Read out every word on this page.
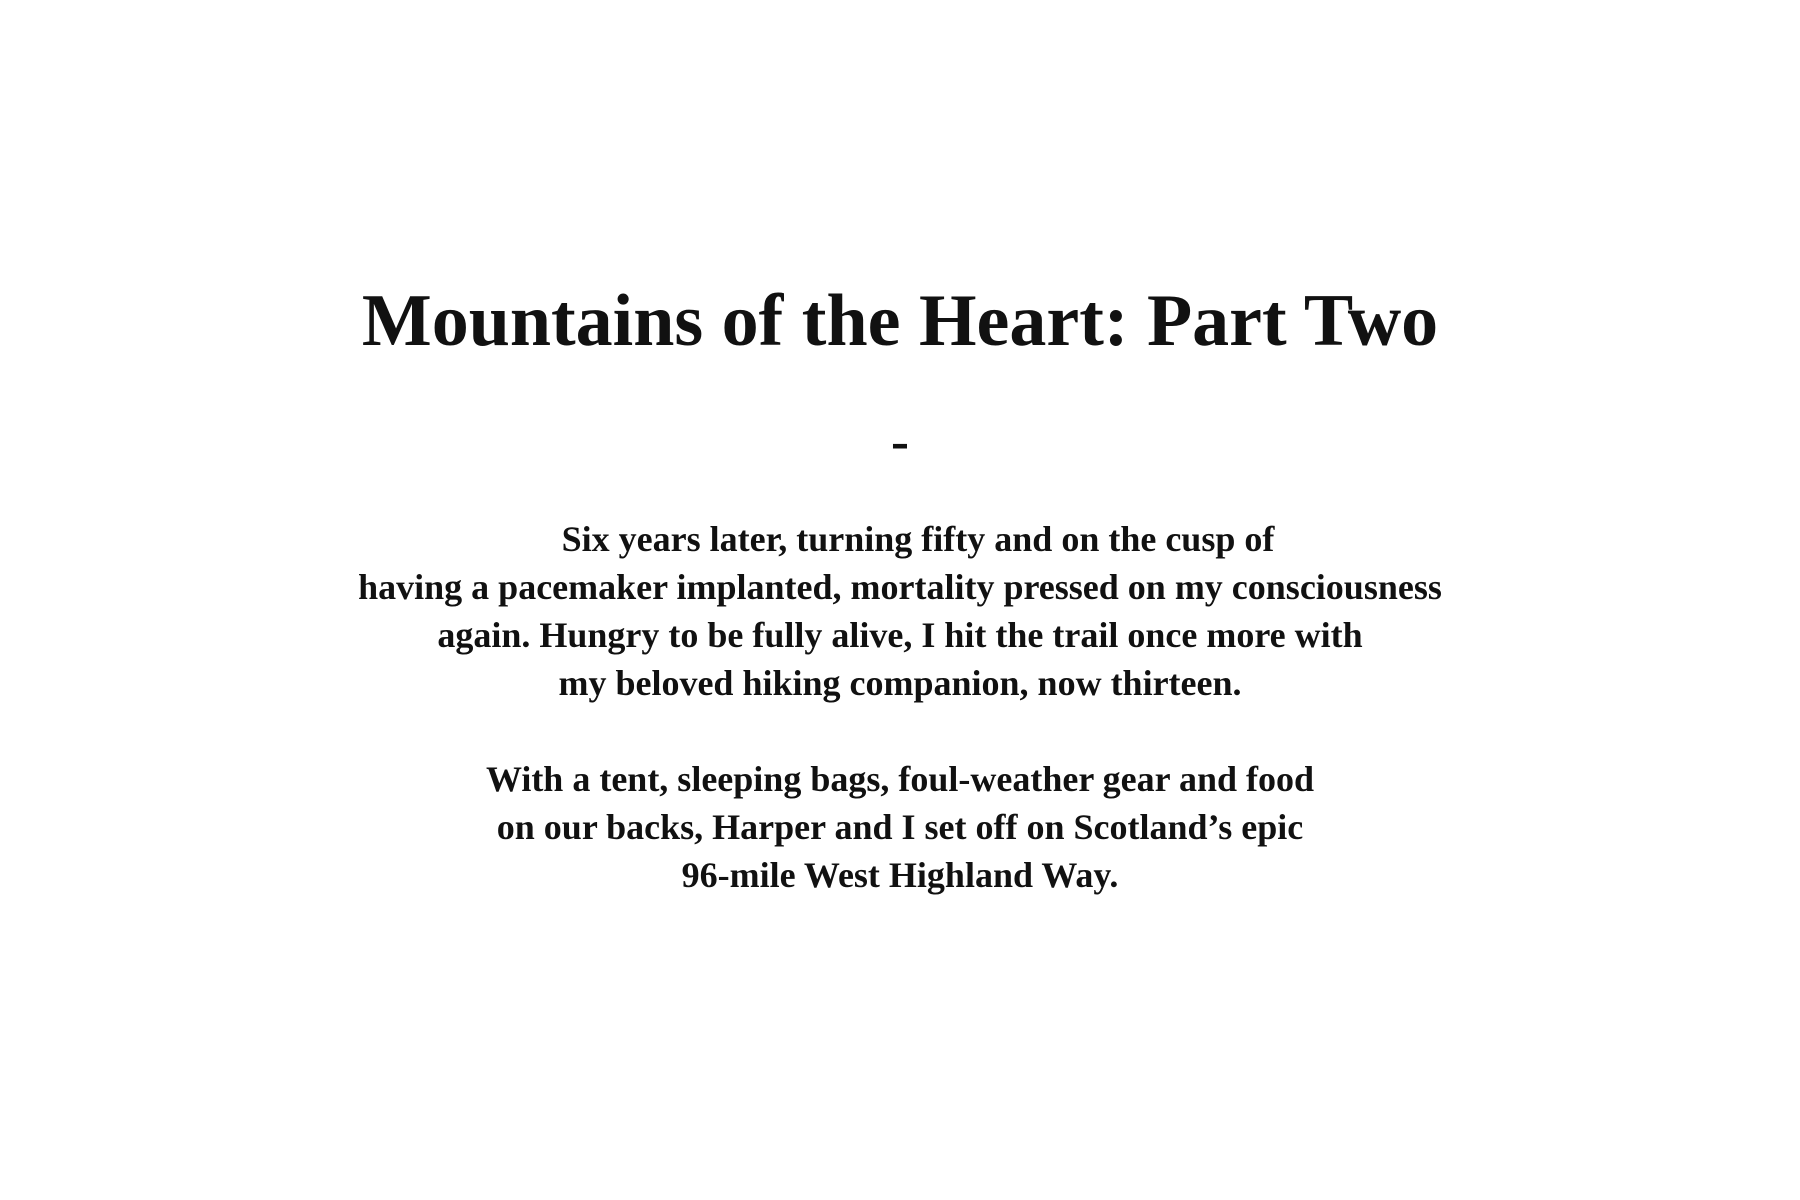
Mountains of the Heart: Part Two
-

Six years later, turning fifty and on the cusp of
having a pacemaker implanted, mortality pressed on my consciousness
again. Hungry to be fully alive, I hit the trail once more with
my beloved hiking companion, now thirteen.

With a tent, sleeping bags, foul-weather gear and food
on our backs, Harper and I set off on Scotland’s epic
96-mile West Highland Way.
